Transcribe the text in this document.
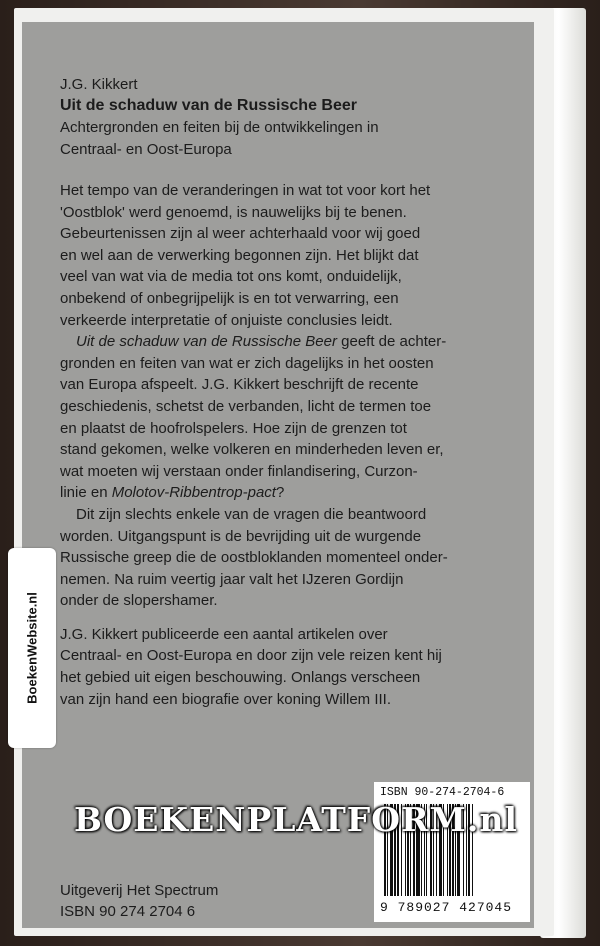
J.G. Kikkert
Uit de schaduw van de Russische Beer
Achtergronden en feiten bij de ontwikkelingen in
Centraal- en Oost-Europa
Het tempo van de veranderingen in wat tot voor kort het
'Oostblok' werd genoemd, is nauwelijks bij te benen.
Gebeurtenissen zijn al weer achterhaald voor wij goed
en wel aan de verwerking begonnen zijn. Het blijkt dat
veel van wat via de media tot ons komt, onduidelijk,
onbekend of onbegrijpelijk is en tot verwarring, een
verkeerde interpretatie of onjuiste conclusies leidt.
Uit de schaduw van de Russische Beer geeft de achter-
gronden en feiten van wat er zich dagelijks in het oosten
van Europa afspeelt. J.G. Kikkert beschrijft de recente
geschiedenis, schetst de verbanden, licht de termen toe
en plaatst de hoofrolspelers. Hoe zijn de grenzen tot
stand gekomen, welke volkeren en minderheden leven er,
wat moeten wij verstaan onder finlandisering, Curzon-
linie en Molotov-Ribbentrop-pact?
Dit zijn slechts enkele van de vragen die beantwoord
worden. Uitgangspunt is de bevrijding uit de wurgende
Russische greep die de oostbloklanden momenteel onder-
nemen. Na ruim veertig jaar valt het IJzeren Gordijn
onder de slopershamer.
J.G. Kikkert publiceerde een aantal artikelen over
Centraal- en Oost-Europa en door zijn vele reizen kent hij
het gebied uit eigen beschouwing. Onlangs verscheen
van zijn hand een biografie over koning Willem III.
BoekenWebsite.nl
ISBN 90-274-2704-6
9 789027 427045
BOEKENPLATFORM.nl
Uitgeverij Het Spectrum
ISBN 90 274 2704 6
